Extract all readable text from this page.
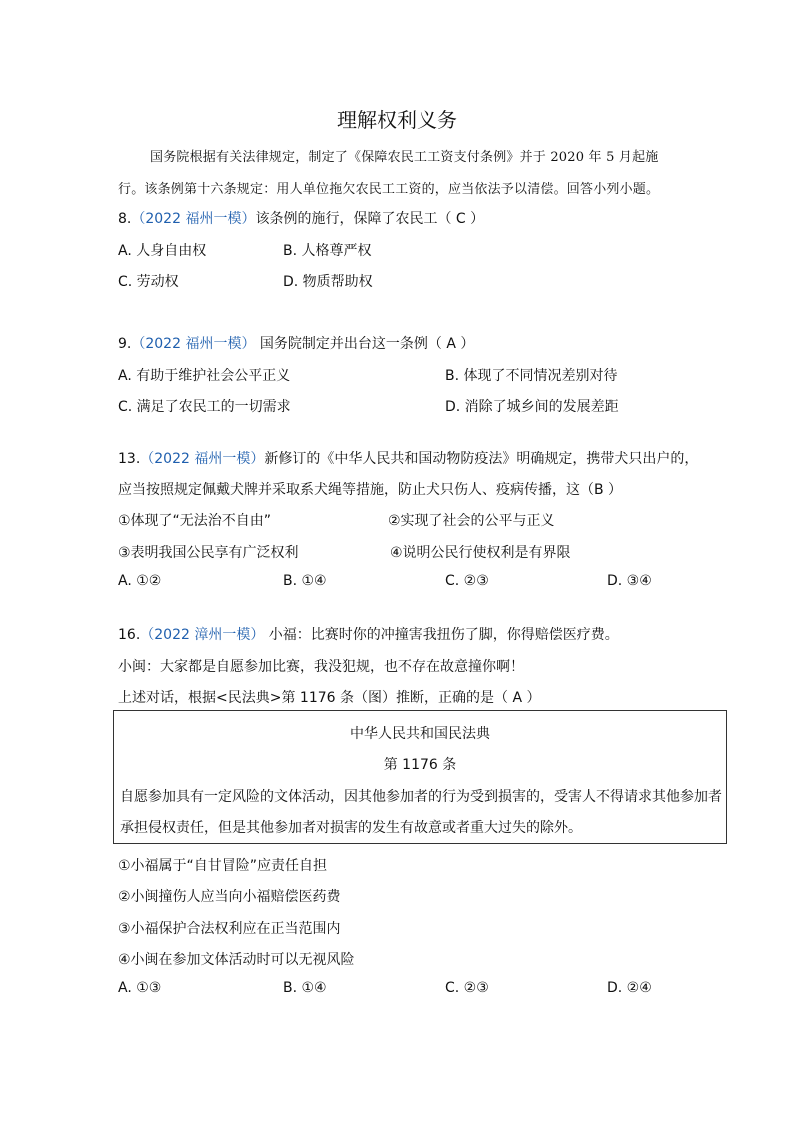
理解权利义务
国务院根据有关法律规定，制定了《保障农民工工资支付条例》并于 2020 年 5 月起施
行。该条例第十六条规定：用人单位拖欠农民工工资的，应当依法予以清偿。回答小列小题。
8.（2022 福州一模）该条例的施行，保障了农民工（ C ）
A. 人身自由权	B. 人格尊严权
C. 劳动权	D. 物质帮助权
9.（2022 福州一模） 国务院制定并出台这一条例（ A ）
A. 有助于维护社会公平正义	B. 体现了不同情况差别对待
C. 满足了农民工的一切需求	D. 消除了城乡间的发展差距
13.（2022 福州一模）新修订的《中华人民共和国动物防疫法》明确规定，携带犬只出户的，
应当按照规定佩戴犬牌并采取系犬绳等措施，防止犬只伤人、疫病传播，这（B ）
①体现了“无法治不自由”	②实现了社会的公平与正义
③表明我国公民享有广泛权利	④说明公民行使权利是有界限
A. ①②	B. ①④	C. ②③	D. ③④
16.（2022 漳州一模） 小福：比赛时你的冲撞害我扭伤了脚，你得赔偿医疗费。
小闽：大家都是自愿参加比赛，我没犯规，也不存在故意撞你啊！
上述对话，根据<民法典>第 1176 条（图）推断，正确的是（ A ）
中华人民共和国民法典
第 1176 条
自愿参加具有一定风险的文体活动，因其他参加者的行为受到损害的，受害人不得请求其他参加者
承担侵权责任，但是其他参加者对损害的发生有故意或者重大过失的除外。
①小福属于“自甘冒险”应责任自担
②小闽撞伤人应当向小福赔偿医药费
③小福保护合法权利应在正当范围内
④小闽在参加文体活动时可以无视风险
A. ①③	B. ①④	C. ②③	D. ②④
